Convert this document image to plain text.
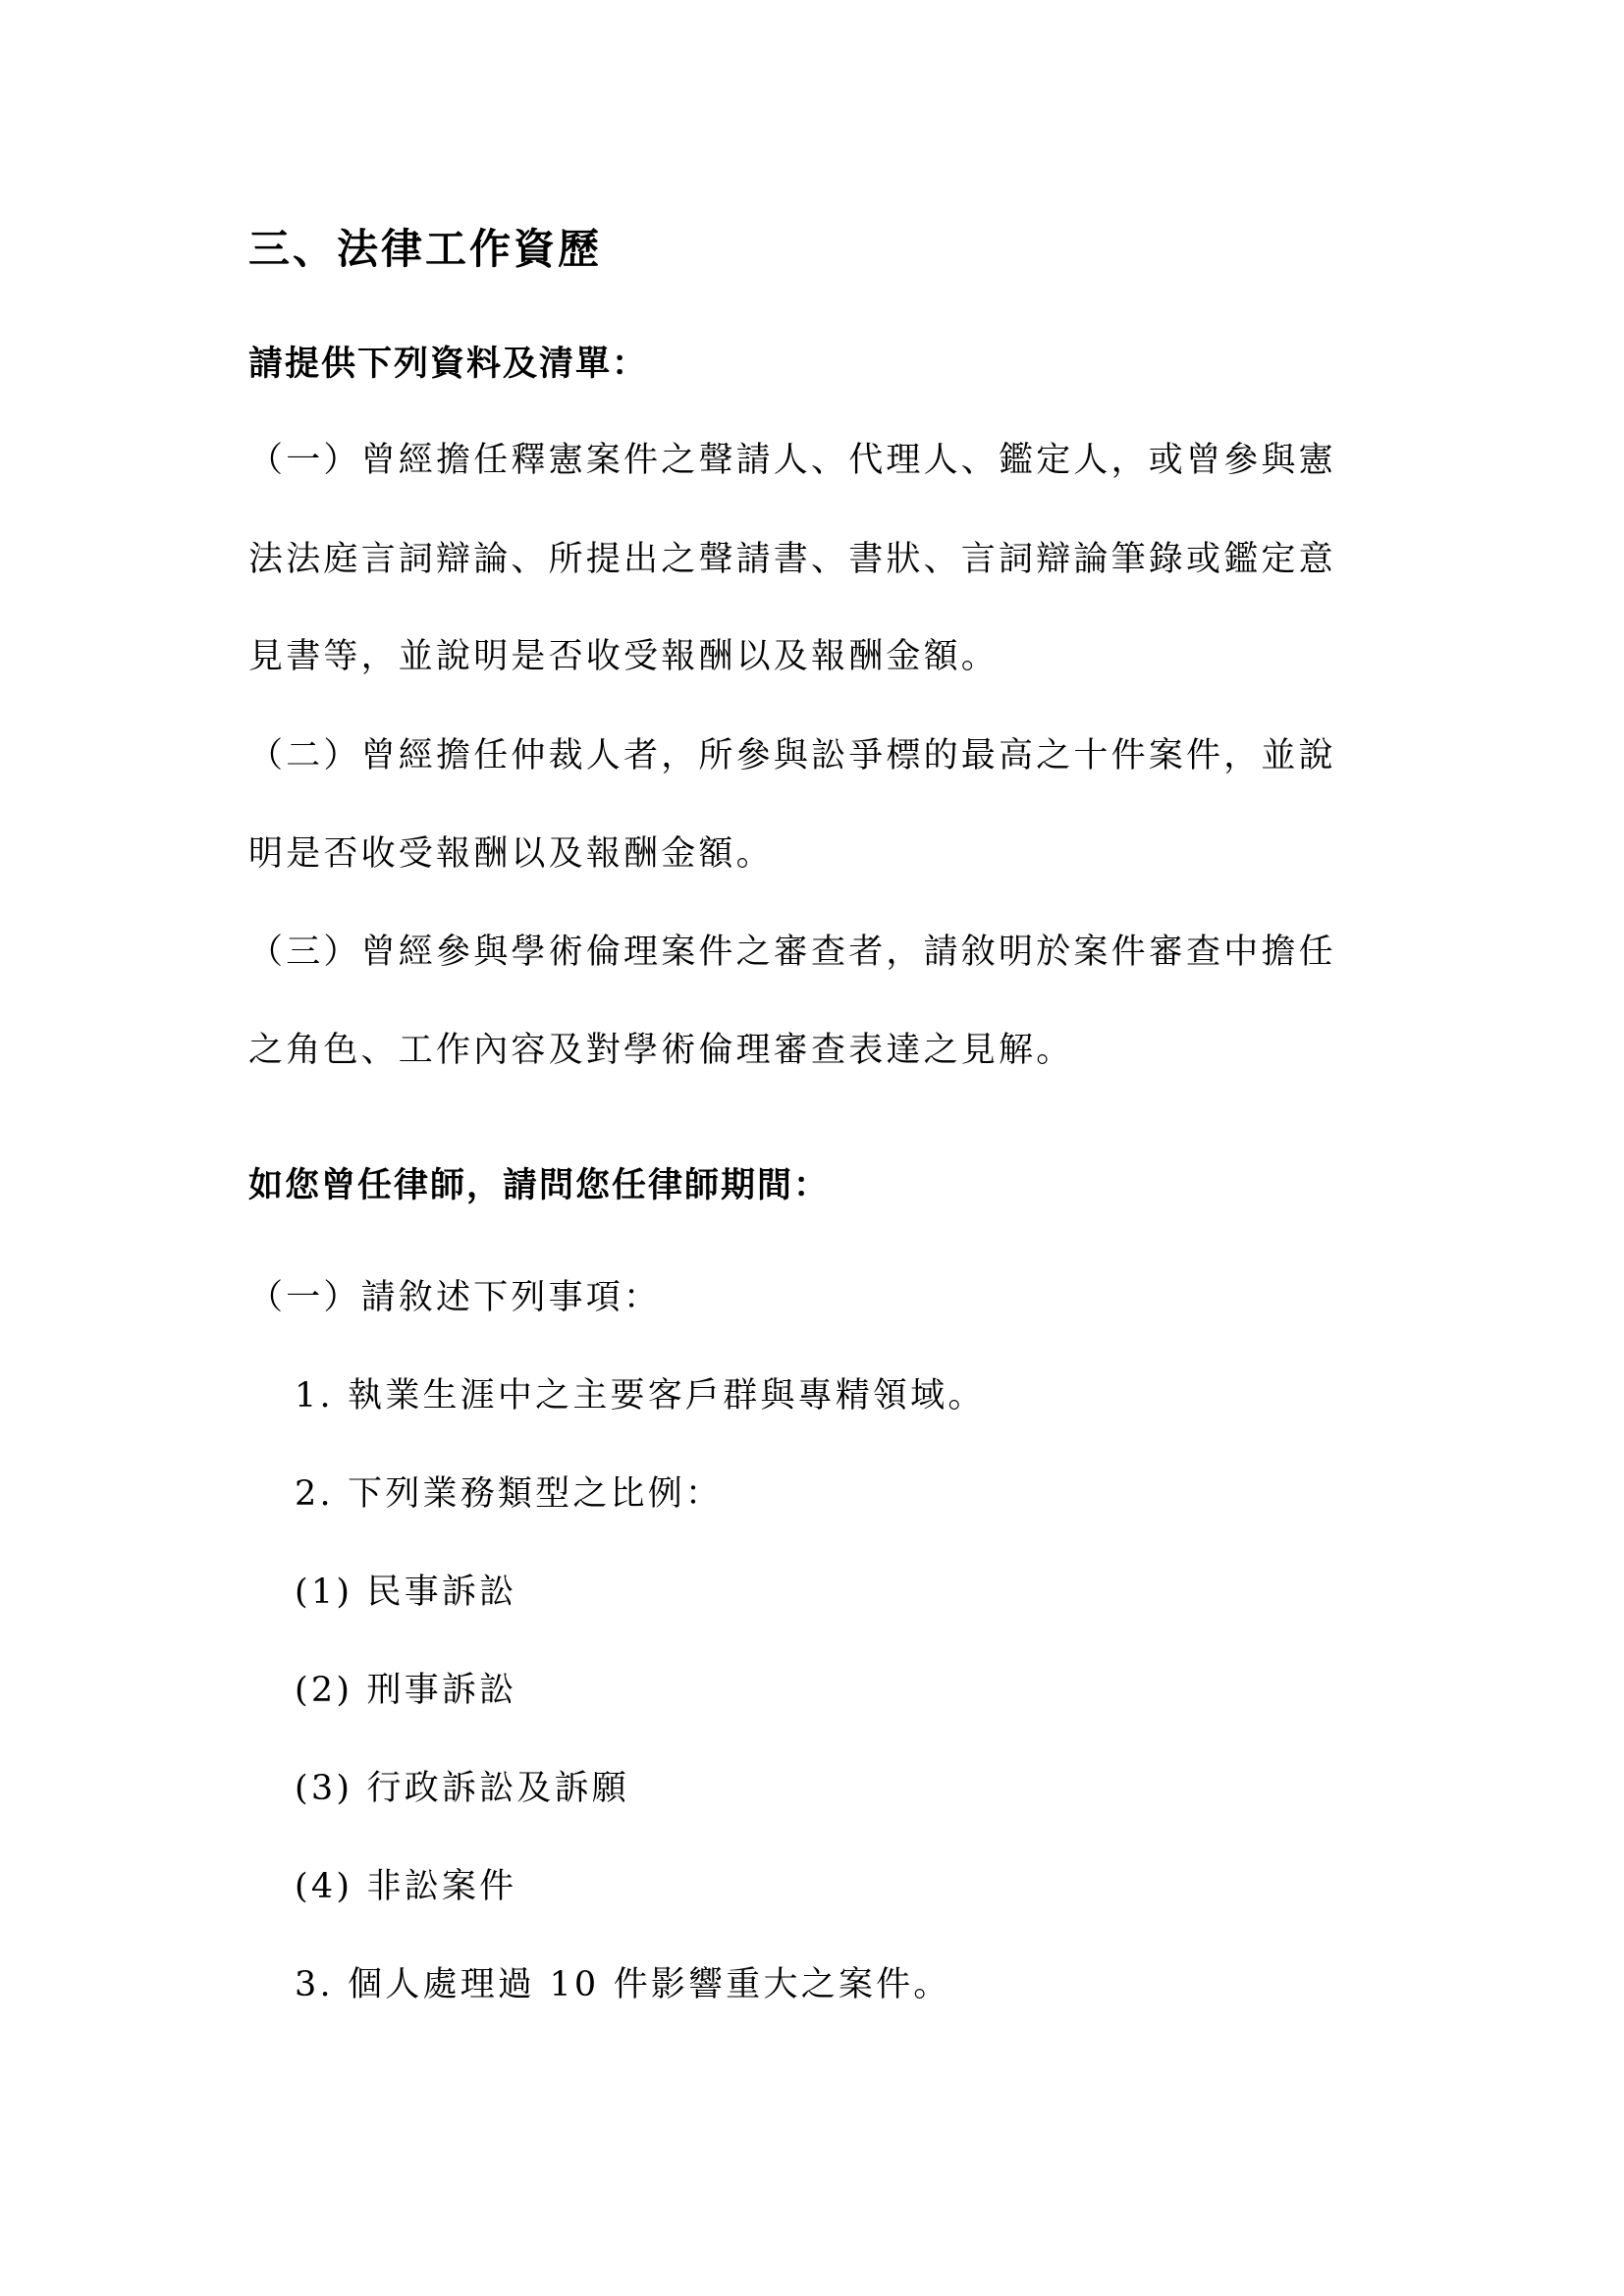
三、法律工作資歷
請提供下列資料及清單：
（一）曾經擔任釋憲案件之聲請人、代理人、鑑定人，或曾參與憲
法法庭言詞辯論、所提出之聲請書、書狀、言詞辯論筆錄或鑑定意
見書等，並說明是否收受報酬以及報酬金額。
（二）曾經擔任仲裁人者，所參與訟爭標的最高之十件案件，並說
明是否收受報酬以及報酬金額。
（三）曾經參與學術倫理案件之審查者，請敘明於案件審查中擔任
之角色、工作內容及對學術倫理審查表達之見解。
如您曾任律師，請問您任律師期間：
（一）請敘述下列事項：
1. 執業生涯中之主要客戶群與專精領域。
2. 下列業務類型之比例：
(1) 民事訴訟
(2) 刑事訴訟
(3) 行政訴訟及訴願
(4) 非訟案件
3. 個人處理過 10 件影響重大之案件。
